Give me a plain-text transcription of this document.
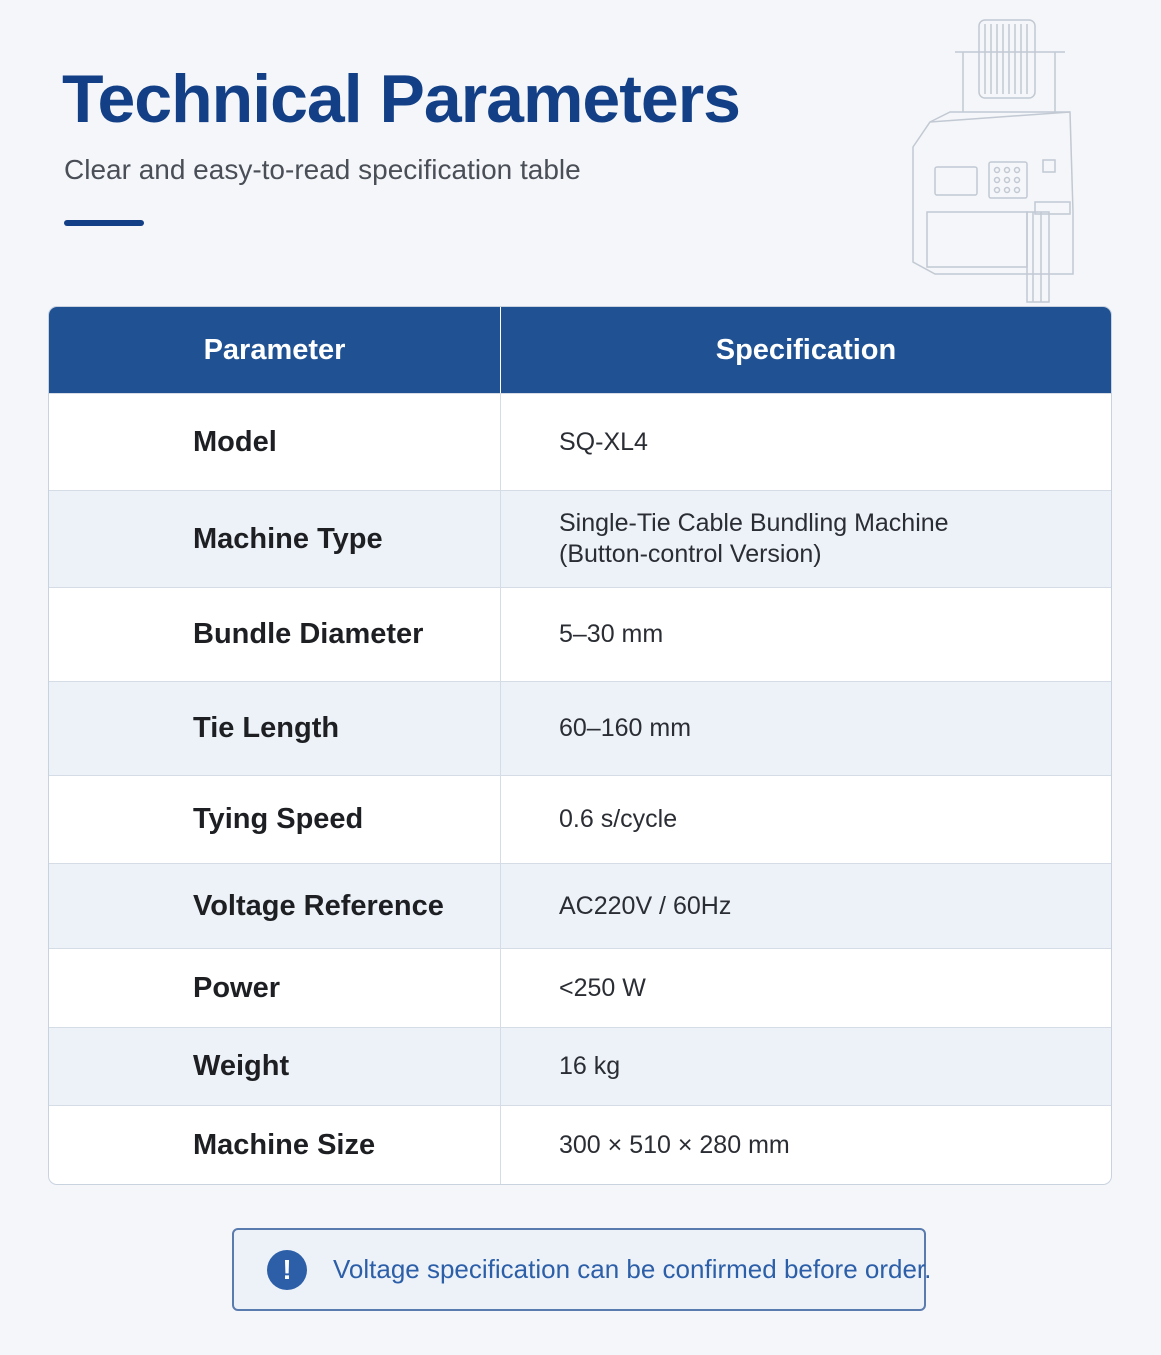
Technical Parameters

Clear and easy-to-read specification table

Parameter	Specification
Model	SQ-XL4
Machine Type	Single-Tie Cable Bundling Machine
(Button-control Version)
Bundle Diameter	5–30 mm
Tie Length	60–160 mm
Tying Speed	0.6 s/cycle
Voltage Reference	AC220V / 60Hz
Power	<250 W
Weight	16 kg
Machine Size	300 × 510 × 280 mm
!
Voltage specification can be confirmed before order.
